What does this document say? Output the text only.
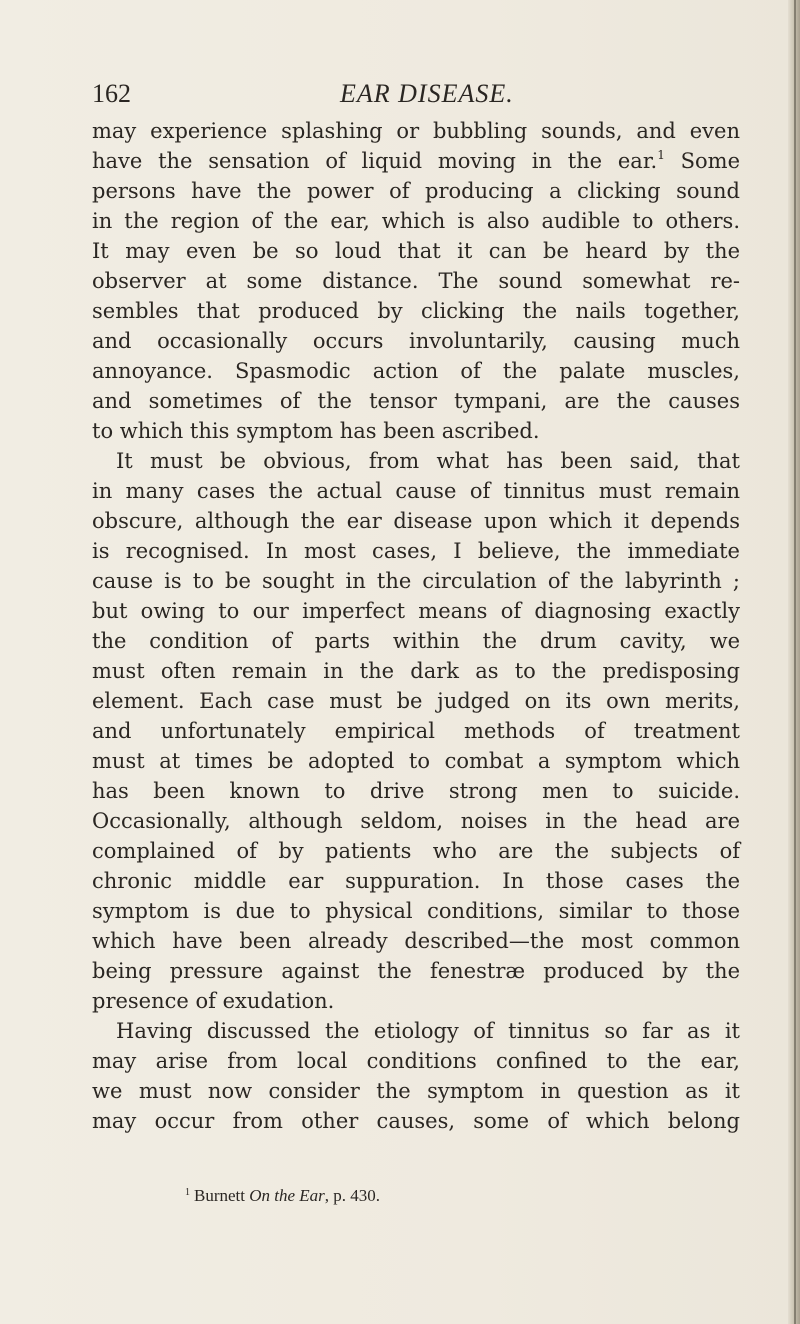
162	EAR DISEASE.
may experience splashing or bubbling sounds, and even
have the sensation of liquid moving in the ear.$^1$ Some
persons have the power of producing a clicking sound
in the region of the ear, which is also audible to others.
It may even be so loud that it can be heard by the
observer at some distance. The sound somewhat re-
sembles that produced by clicking the nails together,
and occasionally occurs involuntarily, causing much
annoyance. Spasmodic action of the palate muscles,
and sometimes of the tensor tympani, are the causes
to which this symptom has been ascribed.
It must be obvious, from what has been said, that
in many cases the actual cause of tinnitus must remain
obscure, although the ear disease upon which it depends
is recognised. In most cases, I believe, the immediate
cause is to be sought in the circulation of the labyrinth ;
but owing to our imperfect means of diagnosing exactly
the condition of parts within the drum cavity, we
must often remain in the dark as to the predisposing
element. Each case must be judged on its own merits,
and unfortunately empirical methods of treatment
must at times be adopted to combat a symptom which
has been known to drive strong men to suicide.
Occasionally, although seldom, noises in the head are
complained of by patients who are the subjects of
chronic middle ear suppuration. In those cases the
symptom is due to physical conditions, similar to those
which have been already described—the most common
being pressure against the fenestræ produced by the
presence of exudation.
Having discussed the etiology of tinnitus so far as it
may arise from local conditions confined to the ear,
we must now consider the symptom in question as it
may occur from other causes, some of which belong
$^1$ Burnett On the Ear, p. 430.
